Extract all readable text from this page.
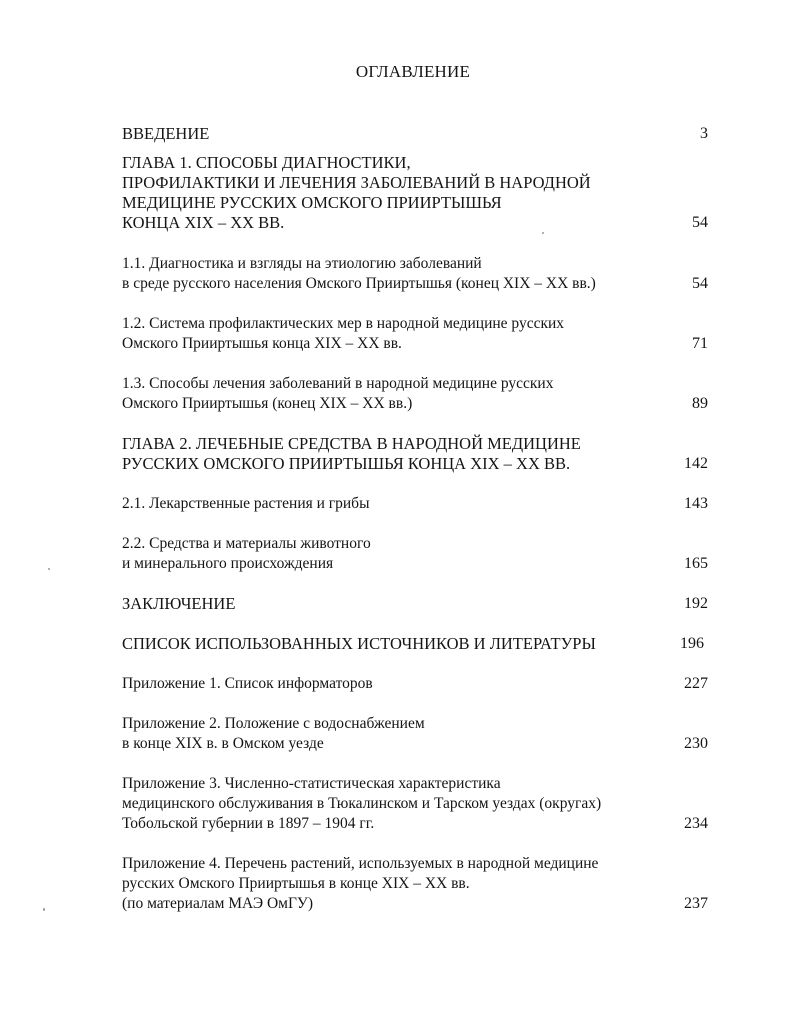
ОГЛАВЛЕНИЕ
ВВЕДЕНИЕ	3
ГЛАВА 1. СПОСОБЫ ДИАГНОСТИКИ,
ПРОФИЛАКТИКИ И ЛЕЧЕНИЯ ЗАБОЛЕВАНИЙ В НАРОДНОЙ
МЕДИЦИНЕ РУССКИХ ОМСКОГО ПРИИРТЫШЬЯ
КОНЦА XIX – XX ВВ.	54
1.1. Диагностика и взгляды на этиологию заболеваний
в среде русского населения Омского Прииртышья (конец XIX – XX вв.)	54
1.2. Система профилактических мер в народной медицине русских
Омского Прииртышья конца XIX – XX вв.	71
1.3. Способы лечения заболеваний в народной медицине русских
Омского Прииртышья (конец XIX – XX вв.)	89
ГЛАВА 2. ЛЕЧЕБНЫЕ СРЕДСТВА В НАРОДНОЙ МЕДИЦИНЕ
РУССКИХ ОМСКОГО ПРИИРТЫШЬЯ КОНЦА XIX – XX ВВ.	142
2.1. Лекарственные растения и грибы	143
2.2. Средства и материалы животного
и минерального происхождения	165
ЗАКЛЮЧЕНИЕ	192
СПИСОК ИСПОЛЬЗОВАННЫХ ИСТОЧНИКОВ И ЛИТЕРАТУРЫ	196
Приложение 1. Список информаторов	227
Приложение 2. Положение с водоснабжением
в конце XIX в. в Омском уезде	230
Приложение 3. Численно-статистическая характеристика
медицинского обслуживания в Тюкалинском и Тарском уездах (округах)
Тобольской губернии в 1897 – 1904 гг.	234
Приложение 4. Перечень растений, используемых в народной медицине
русских Омского Прииртышья в конце XIX – XX вв.
(по материалам МАЭ ОмГУ)	237
